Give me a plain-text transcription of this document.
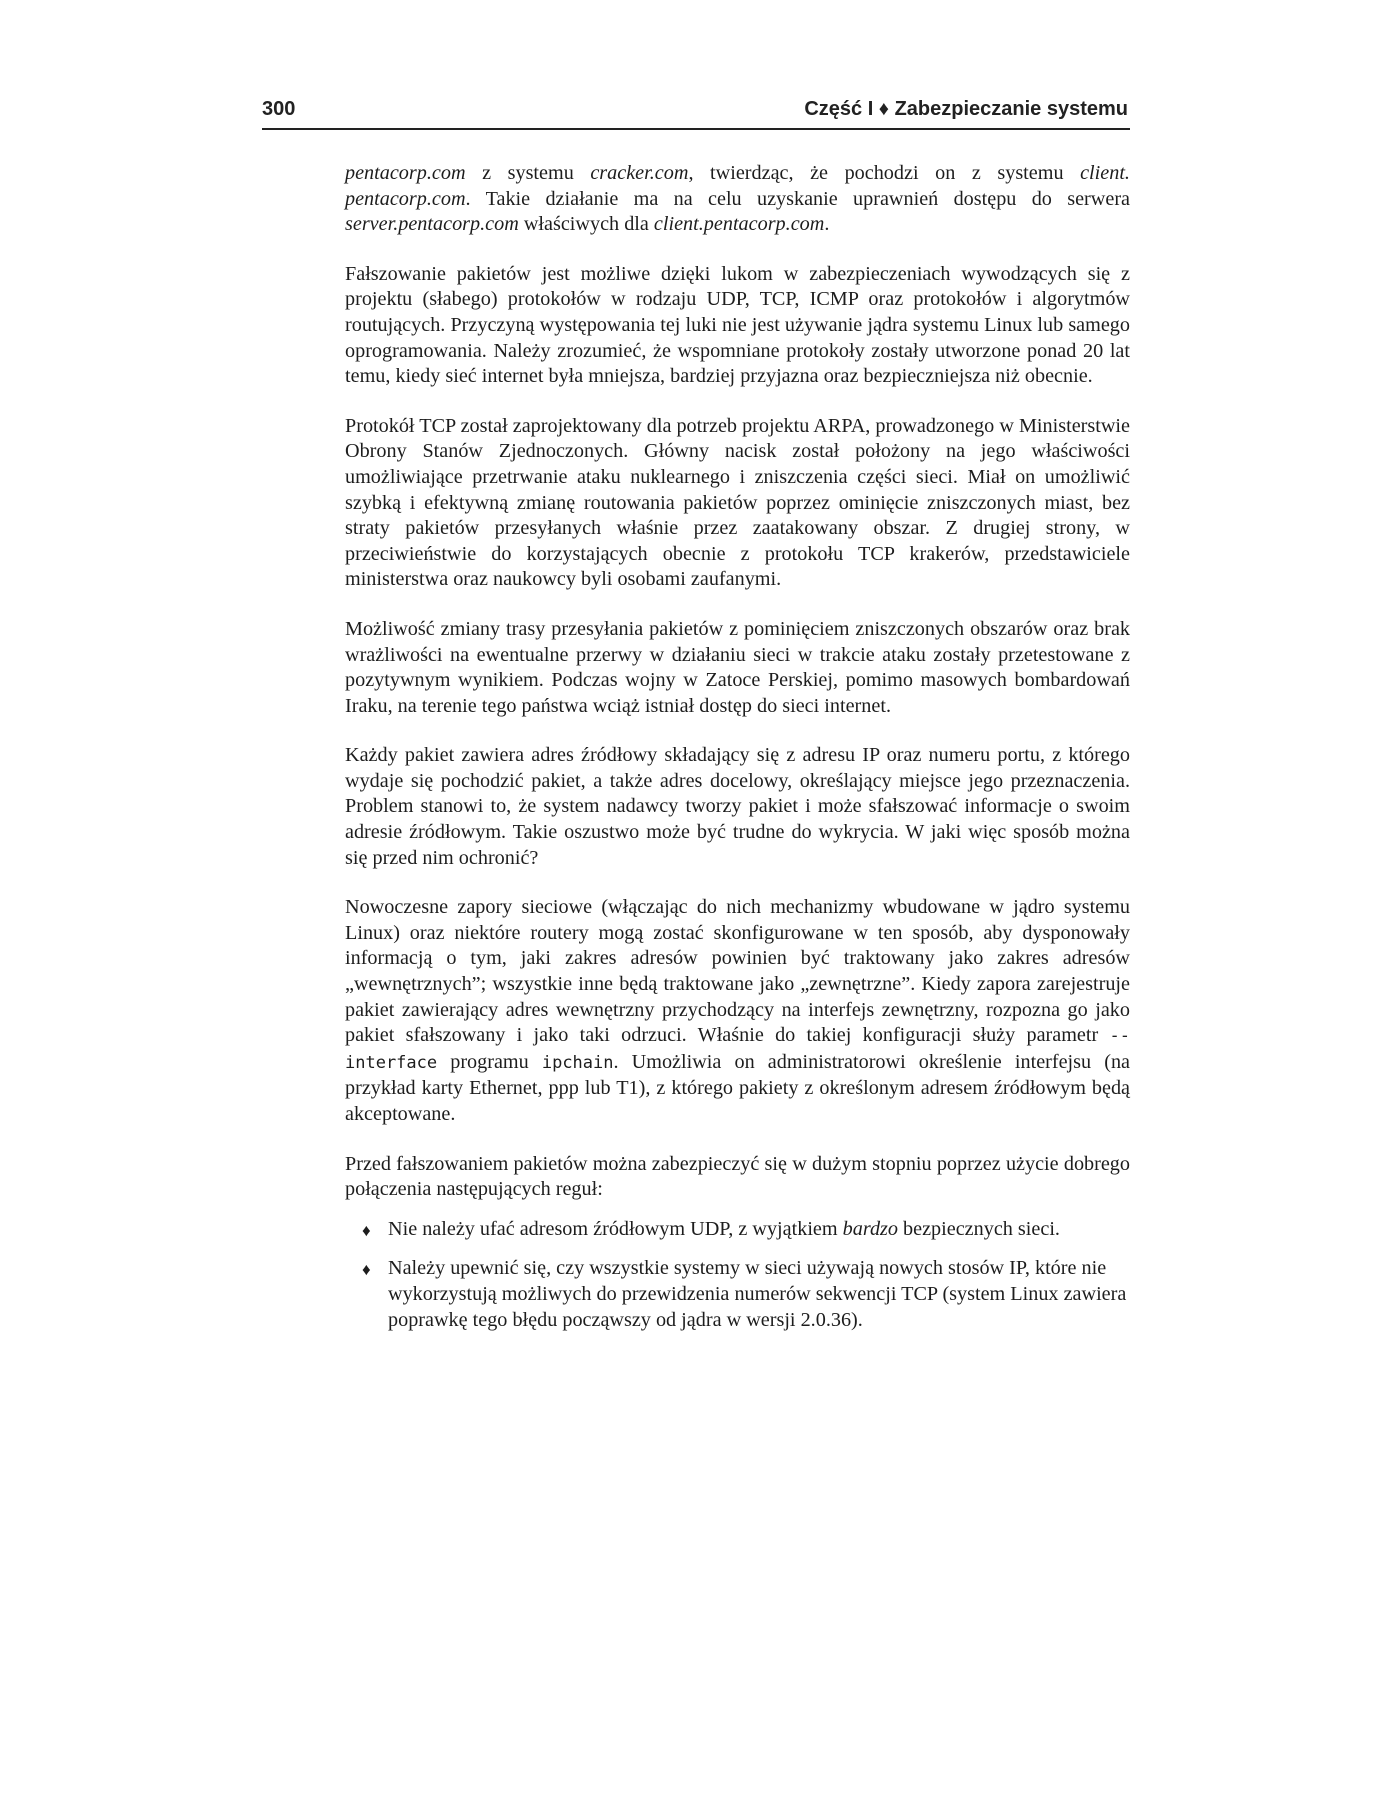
300	Część I ♦ Zabezpieczanie systemu

pentacorp.com z systemu cracker.com, twierdząc, że pochodzi on z systemu client. pentacorp.com. Takie działanie ma na celu uzyskanie uprawnień dostępu do serwera server.pentacorp.com właściwych dla client.pentacorp.com.

Fałszowanie pakietów jest możliwe dzięki lukom w zabezpieczeniach wywodzących się z projektu (słabego) protokołów w rodzaju UDP, TCP, ICMP oraz protokołów i algorytmów routujących. Przyczyną występowania tej luki nie jest używanie jądra systemu Linux lub samego oprogramowania. Należy zrozumieć, że wspomniane protokoły zostały utworzone ponad 20 lat temu, kiedy sieć internet była mniejsza, bardziej przyjazna oraz bezpieczniejsza niż obecnie.

Protokół TCP został zaprojektowany dla potrzeb projektu ARPA, prowadzonego w Ministerstwie Obrony Stanów Zjednoczonych. Główny nacisk został położony na jego właściwości umożliwiające przetrwanie ataku nuklearnego i zniszczenia części sieci. Miał on umożliwić szybką i efektywną zmianę routowania pakietów poprzez ominięcie zniszczonych miast, bez straty pakietów przesyłanych właśnie przez zaatakowany obszar. Z drugiej strony, w przeciwieństwie do korzystających obecnie z protokołu TCP krakerów, przedstawiciele ministerstwa oraz naukowcy byli osobami zaufanymi.

Możliwość zmiany trasy przesyłania pakietów z pominięciem zniszczonych obszarów oraz brak wrażliwości na ewentualne przerwy w działaniu sieci w trakcie ataku zostały przetestowane z pozytywnym wynikiem. Podczas wojny w Zatoce Perskiej, pomimo masowych bombardowań Iraku, na terenie tego państwa wciąż istniał dostęp do sieci internet.

Każdy pakiet zawiera adres źródłowy składający się z adresu IP oraz numeru portu, z którego wydaje się pochodzić pakiet, a także adres docelowy, określający miejsce jego przeznaczenia. Problem stanowi to, że system nadawcy tworzy pakiet i może sfałszować informacje o swoim adresie źródłowym. Takie oszustwo może być trudne do wykrycia. W jaki więc sposób można się przed nim ochronić?

Nowoczesne zapory sieciowe (włączając do nich mechanizmy wbudowane w jądro systemu Linux) oraz niektóre routery mogą zostać skonfigurowane w ten sposób, aby dysponowały informacją o tym, jaki zakres adresów powinien być traktowany jako zakres adresów „wewnętrznych”; wszystkie inne będą traktowane jako „zewnętrzne”. Kiedy zapora zarejestruje pakiet zawierający adres wewnętrzny przychodzący na interfejs zewnętrzny, rozpozna go jako pakiet sfałszowany i jako taki odrzuci. Właśnie do takiej konfiguracji służy parametr --interface programu ipchain. Umożliwia on administratorowi określenie interfejsu (na przykład karty Ethernet, ppp lub T1), z którego pakiety z określonym adresem źródłowym będą akceptowane.

Przed fałszowaniem pakietów można zabezpieczyć się w dużym stopniu poprzez użycie dobrego połączenia następujących reguł:

♦ Nie należy ufać adresom źródłowym UDP, z wyjątkiem bardzo bezpiecznych sieci.
♦ Należy upewnić się, czy wszystkie systemy w sieci używają nowych stosów IP, które nie wykorzystują możliwych do przewidzenia numerów sekwencji TCP (system Linux zawiera poprawkę tego błędu począwszy od jądra w wersji 2.0.36).
